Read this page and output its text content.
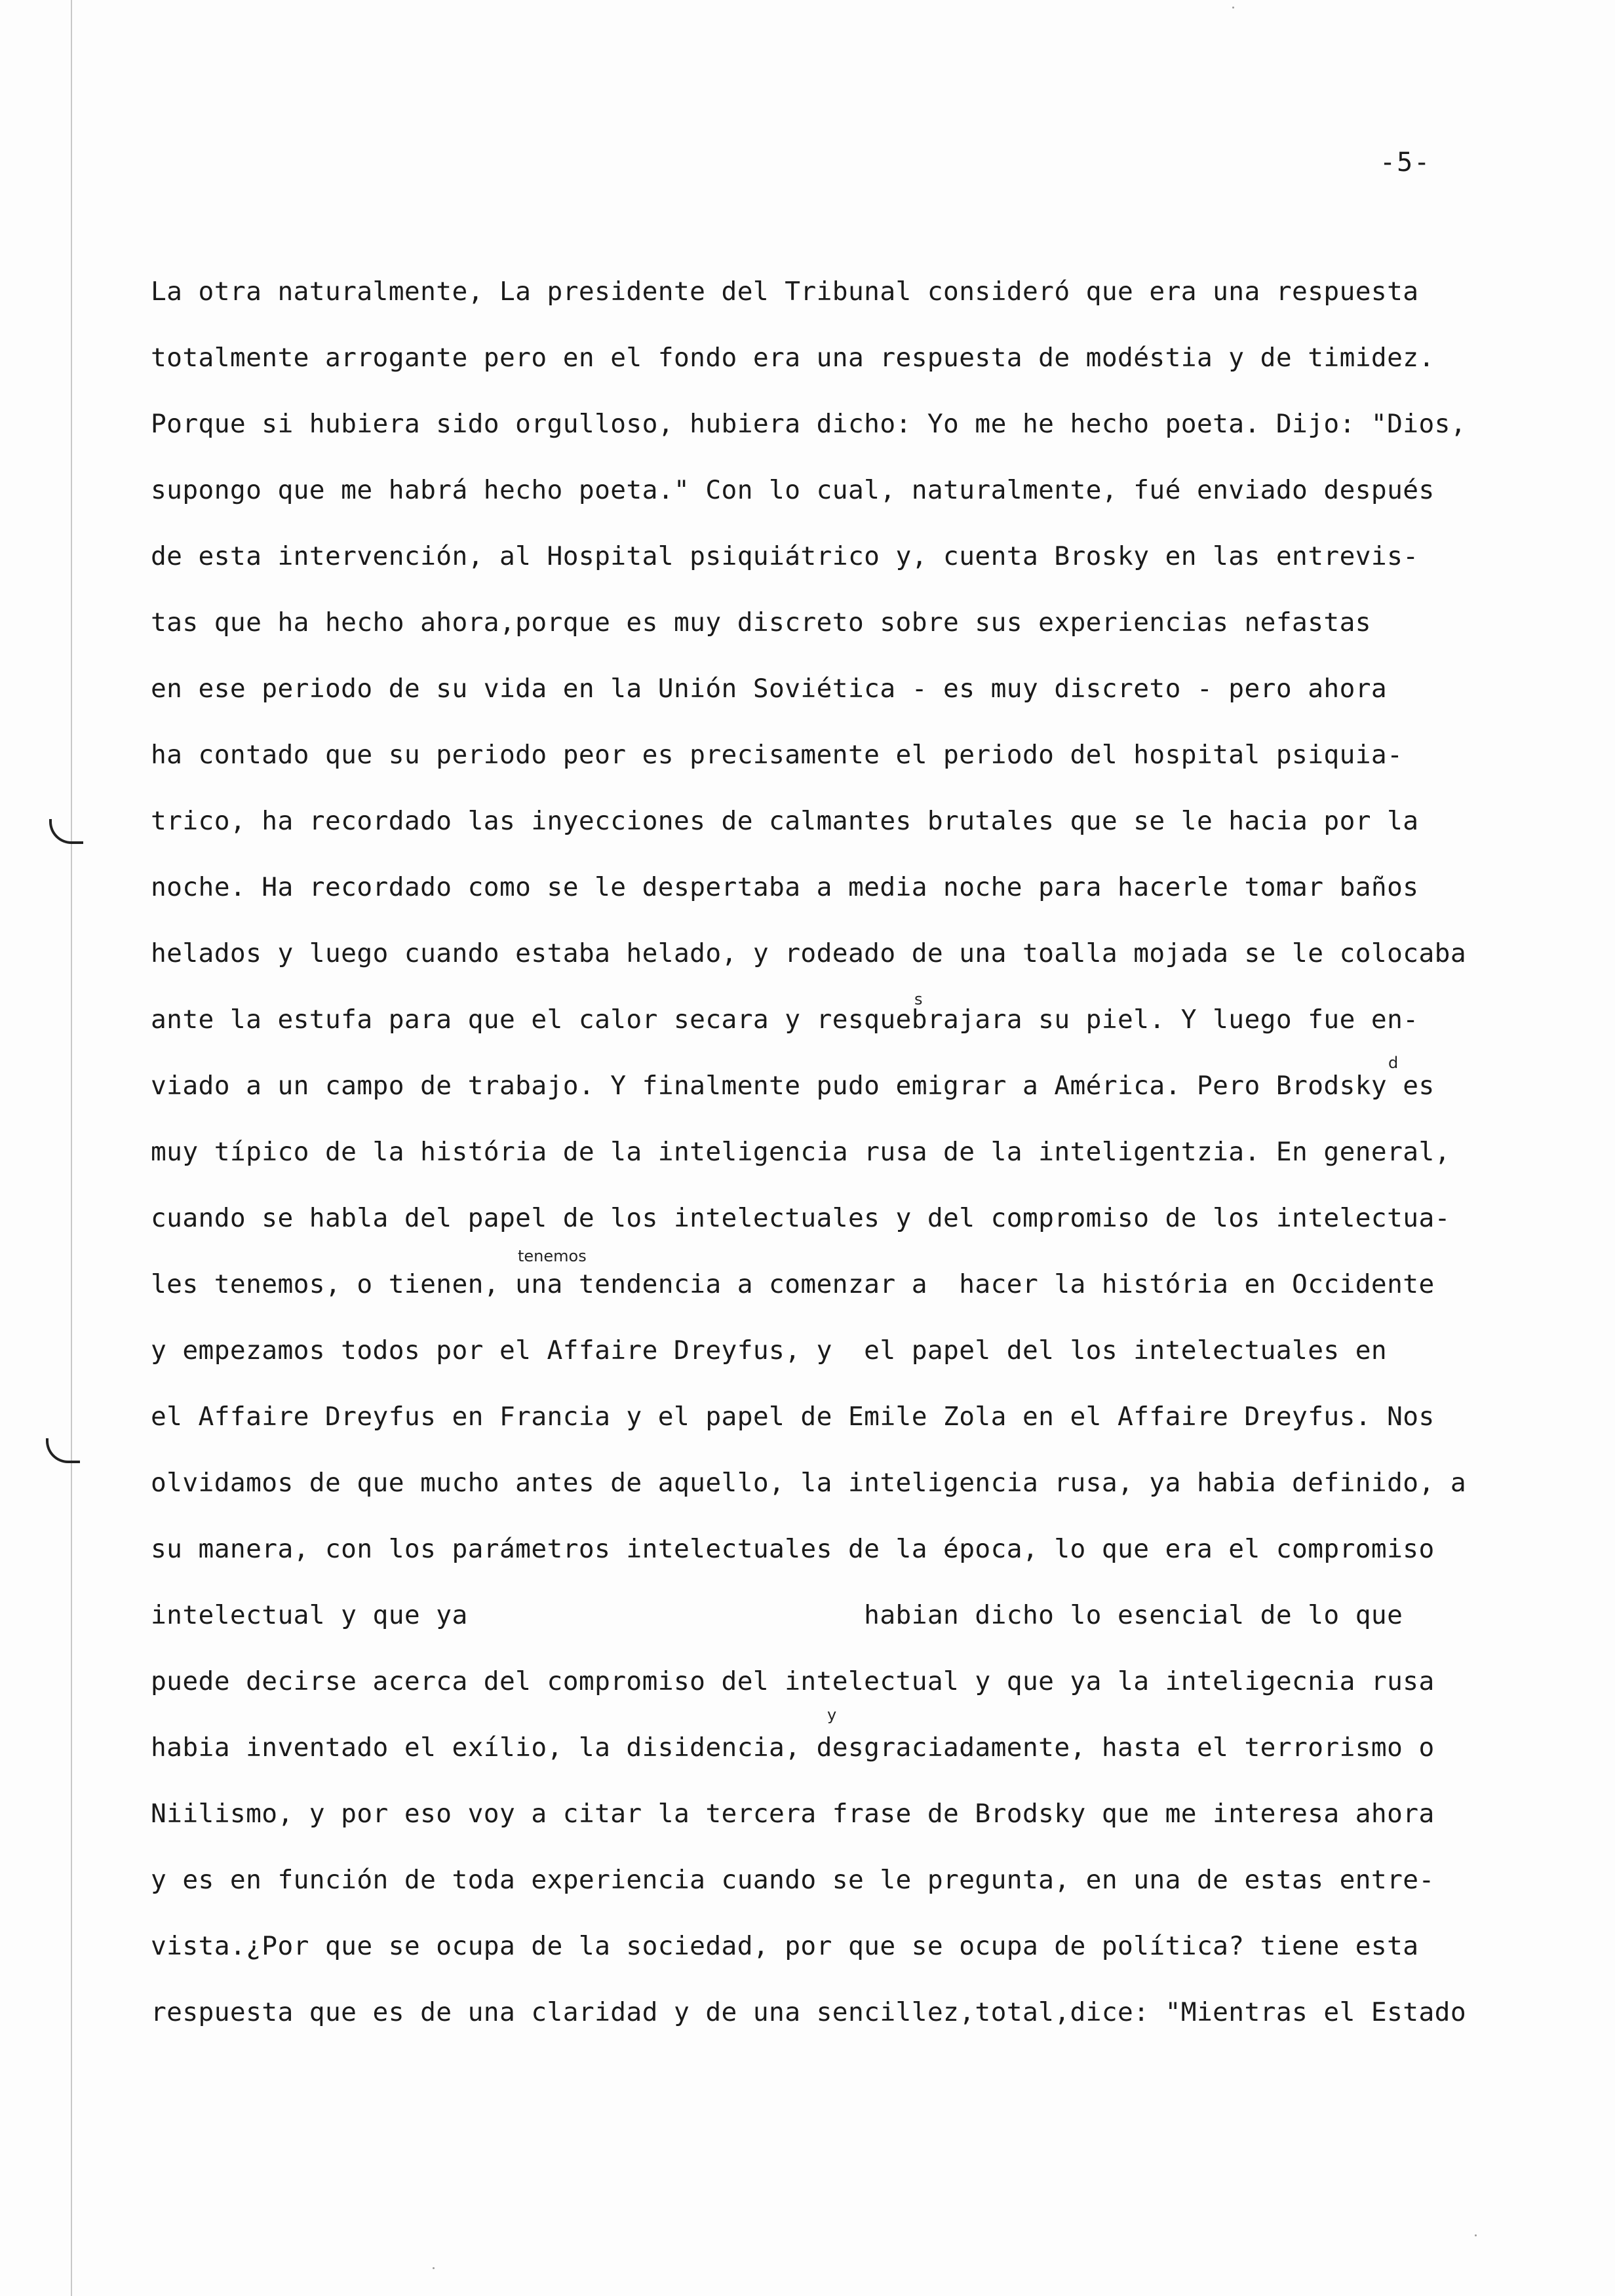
-5-
La otra naturalmente, La presidente del Tribunal consideró que era una respuesta
totalmente arrogante pero en el fondo era una respuesta de modéstia y de timidez.
Porque si hubiera sido orgulloso, hubiera dicho: Yo me he hecho poeta. Dijo: "Dios,
supongo que me habrá hecho poeta." Con lo cual, naturalmente, fué enviado después
de esta intervención, al Hospital psiquiátrico y, cuenta Brosky en las entrevis-
tas que ha hecho ahora,porque es muy discreto sobre sus experiencias nefastas
en ese periodo de su vida en la Unión Soviética - es muy discreto - pero ahora
ha contado que su periodo peor es precisamente el periodo del hospital psiquia-
trico, ha recordado las inyecciones de calmantes brutales que se le hacia por la
noche. Ha recordado como se le despertaba a media noche para hacerle tomar baños
helados y luego cuando estaba helado, y rodeado de una toalla mojada se le colocaba
ante la estufa para que el calor secara y resquebrajara su piel. Y luego fue en-
viado a un campo de trabajo. Y finalmente pudo emigrar a América. Pero Brodsky es
muy típico de la história de la inteligencia rusa de la inteligentzia. En general,
cuando se habla del papel de los intelectuales y del compromiso de los intelectua-
les tenemos, o tienen, una tendencia a comenzar a  hacer la história en Occidente
y empezamos todos por el Affaire Dreyfus, y  el papel del los intelectuales en
el Affaire Dreyfus en Francia y el papel de Emile Zola en el Affaire Dreyfus. Nos
olvidamos de que mucho antes de aquello, la inteligencia rusa, ya habia definido, a
su manera, con los parámetros intelectuales de la época, lo que era el compromiso
intelectual y que ya                         habian dicho lo esencial de lo que
puede decirse acerca del compromiso del intelectual y que ya la inteligecnia rusa
habia inventado el exílio, la disidencia, desgraciadamente, hasta el terrorismo o
Niilismo, y por eso voy a citar la tercera frase de Brodsky que me interesa ahora
y es en función de toda experiencia cuando se le pregunta, en una de estas entre-
vista.¿Por que se ocupa de la sociedad, por que se ocupa de política? tiene esta
respuesta que es de una claridad y de una sencillez,total,dice: "Mientras el Estado
tenemos
y
d
s
